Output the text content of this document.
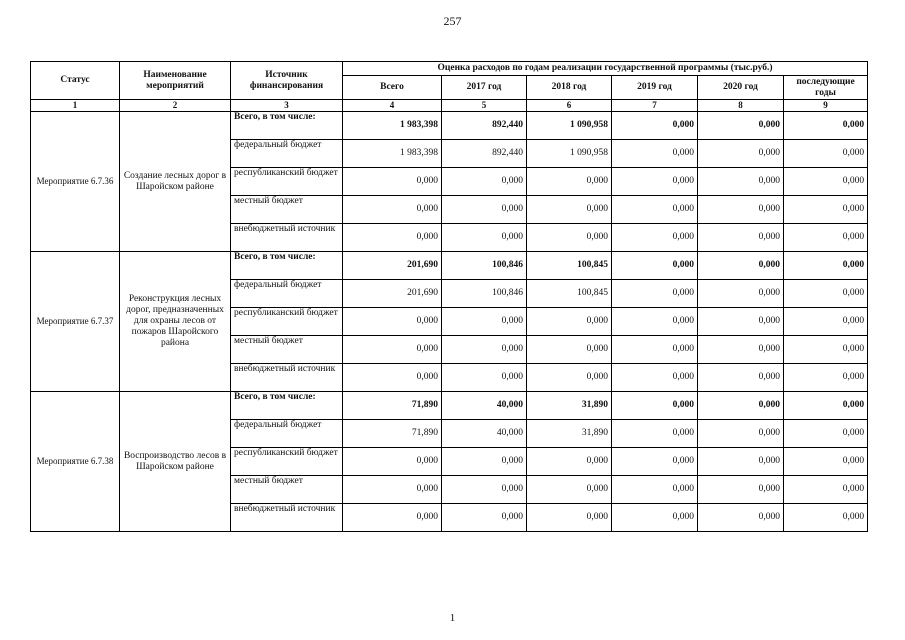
257
Статус	Наименование мероприятий	Источник финансирования	Оценка расходов по годам реализации государственной программы (тыс.руб.)					
			Всего	2017 год	2018 год	2019 год	2020 год	последующие годы
1	2	3	4	5	6	7	8	9
Мероприятие 6.7.36	Создание лесных дорог в Шаройском районе	Всего, в том числе:	1 983,398	892,440	1 090,958	0,000	0,000	0,000
		федеральный бюджет	1 983,398	892,440	1 090,958	0,000	0,000	0,000
		республиканский бюджет	0,000	0,000	0,000	0,000	0,000	0,000
		местный бюджет	0,000	0,000	0,000	0,000	0,000	0,000
		внебюджетный источник	0,000	0,000	0,000	0,000	0,000	0,000
Мероприятие 6.7.37	Реконструкция лесных дорог, предназначенных для охраны лесов от пожаров Шаройского района	Всего, в том числе:	201,690	100,846	100,845	0,000	0,000	0,000
		федеральный бюджет	201,690	100,846	100,845	0,000	0,000	0,000
		республиканский бюджет	0,000	0,000	0,000	0,000	0,000	0,000
		местный бюджет	0,000	0,000	0,000	0,000	0,000	0,000
		внебюджетный источник	0,000	0,000	0,000	0,000	0,000	0,000
Мероприятие 6.7.38	Воспроизводство лесов в Шаройском районе	Всего, в том числе:	71,890	40,000	31,890	0,000	0,000	0,000
		федеральный бюджет	71,890	40,000	31,890	0,000	0,000	0,000
		республиканский бюджет	0,000	0,000	0,000	0,000	0,000	0,000
		местный бюджет	0,000	0,000	0,000	0,000	0,000	0,000
		внебюджетный источник	0,000	0,000	0,000	0,000	0,000	0,000
1
